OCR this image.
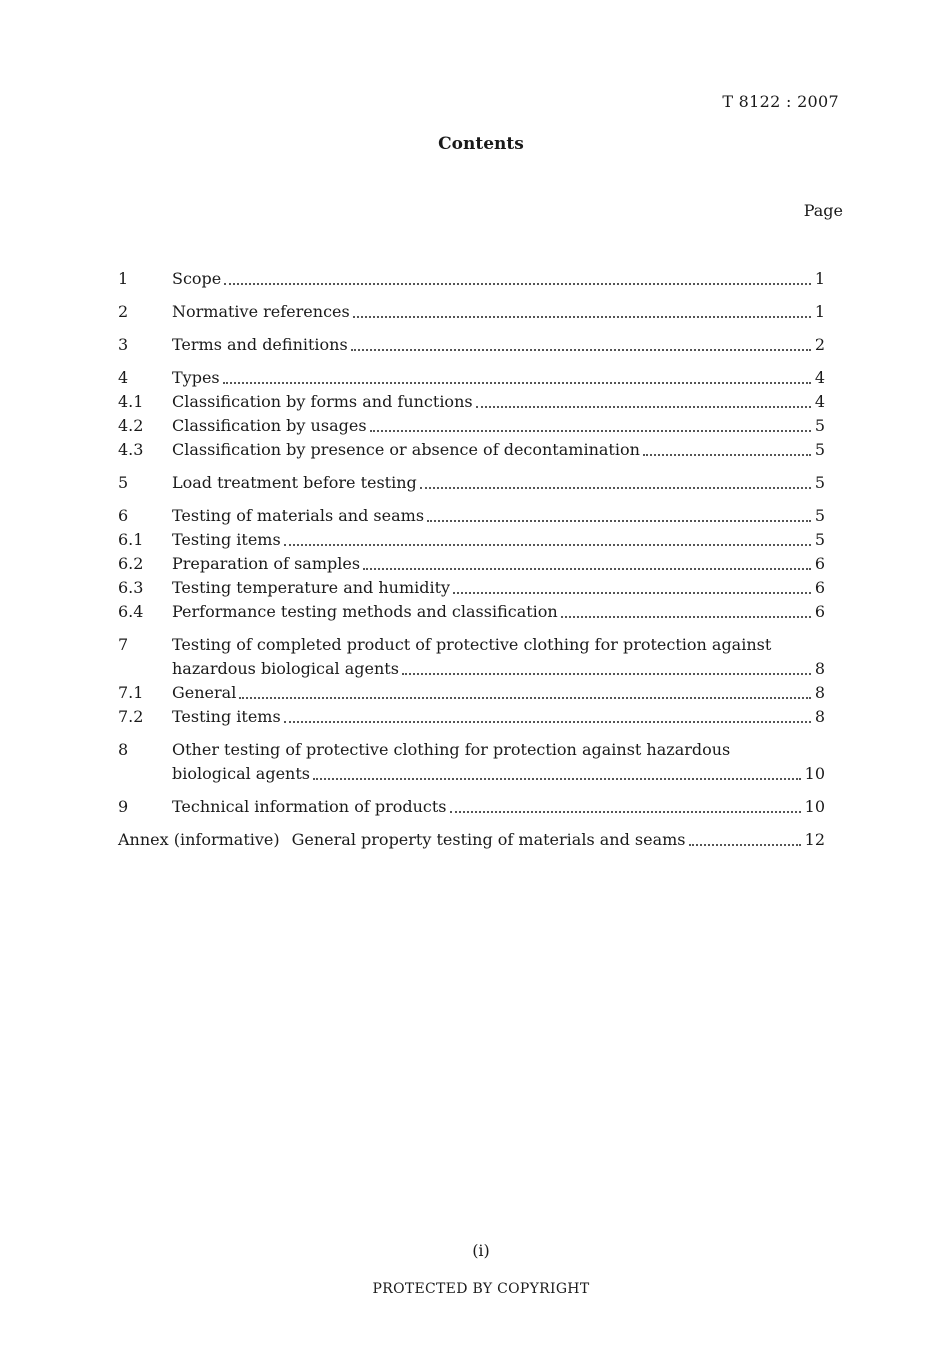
T 8122 : 2007
Contents
Page
1	Scope	1
2	Normative references	1
3	Terms and definitions	2
4	Types	4
4.1	Classification by forms and functions	4
4.2	Classification by usages	5
4.3	Classification by presence or absence of decontamination	5
5	Load treatment before testing	5
6	Testing of materials and seams	5
6.1	Testing items	5
6.2	Preparation of samples	6
6.3	Testing temperature and humidity	6
6.4	Performance testing methods and classification	6
7	Testing of completed product of protective clothing for protection against
hazardous biological agents	8
7.1	General	8
7.2	Testing items	8
8	Other testing of protective clothing for protection against hazardous
biological agents	10
9	Technical information of products	10
Annex (informative) General property testing of materials and seams	12
(i)
PROTECTED BY COPYRIGHT
